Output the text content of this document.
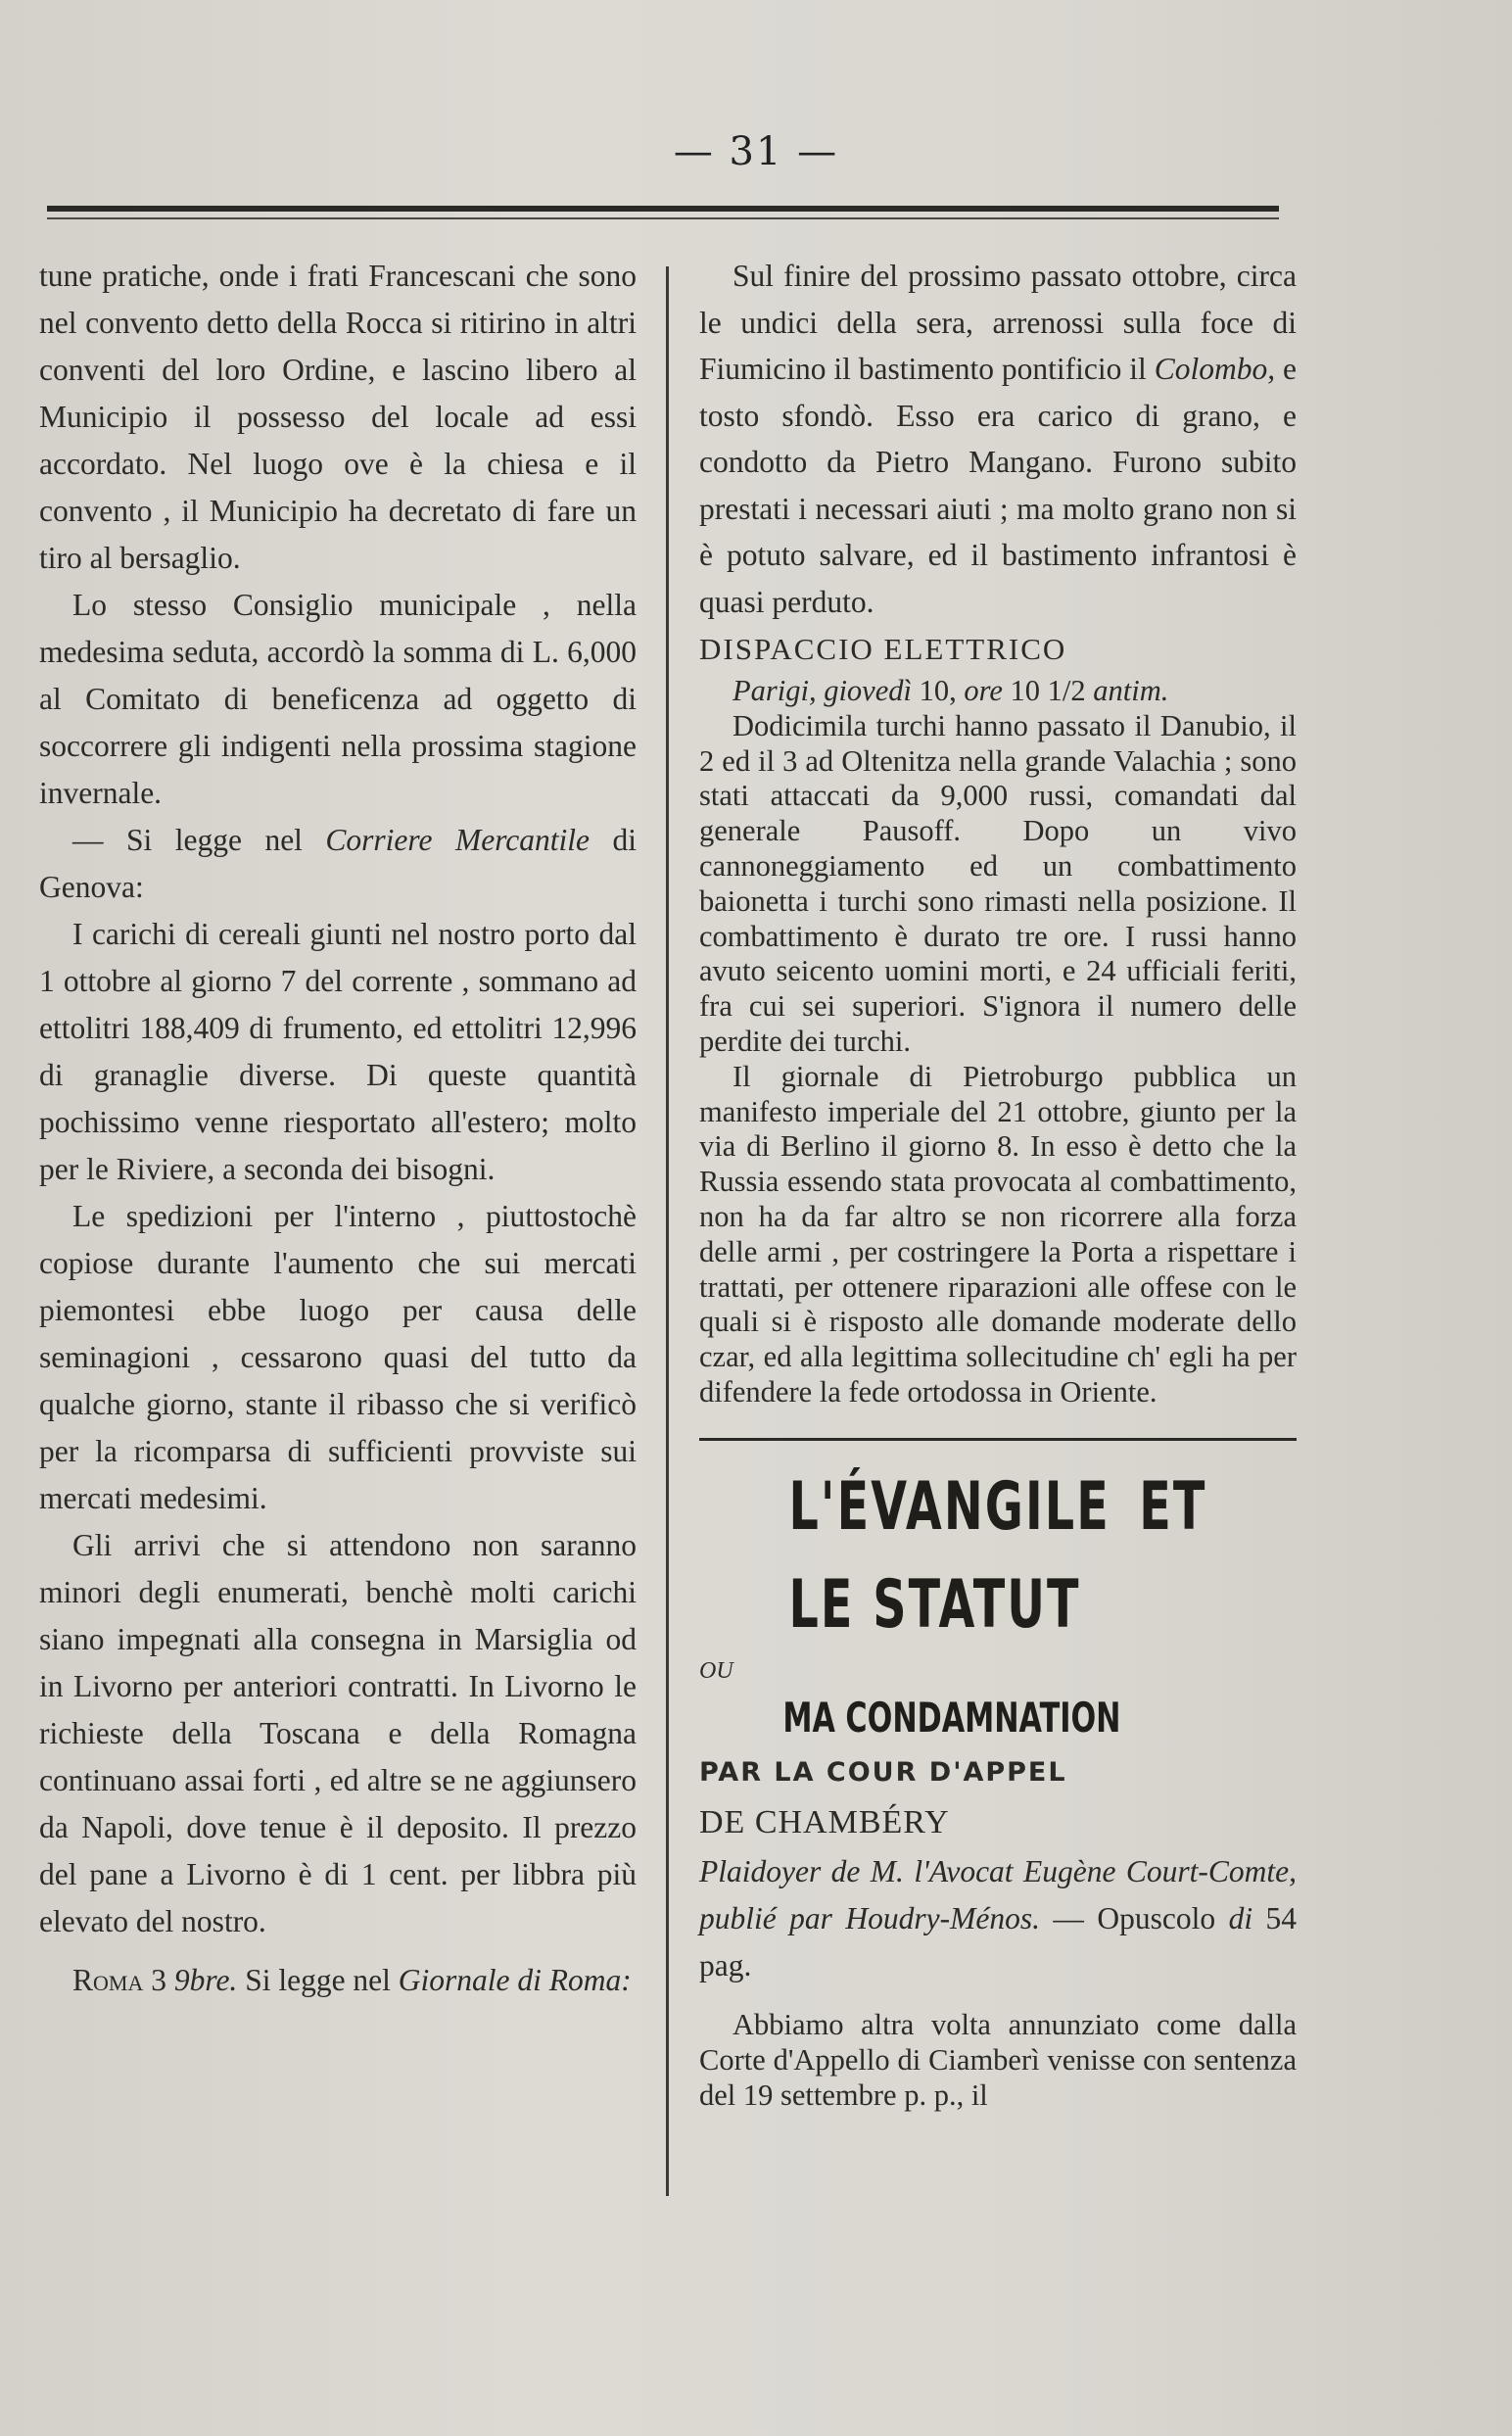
— 31 —

tune pratiche, onde i frati Francescani che sono nel convento detto della Rocca si ritirino in altri conventi del loro Ordine, e lascino libero al Municipio il possesso del locale ad essi accordato. Nel luogo ove è la chiesa e il convento , il Municipio ha decretato di fare un tiro al bersaglio.

Lo stesso Consiglio municipale , nella medesima seduta, accordò la somma di L. 6,000 al Comitato di beneficenza ad oggetto di soccorrere gli indigenti nella prossima stagione invernale.

— Si legge nel Corriere Mercantile di Genova:

I carichi di cereali giunti nel nostro porto dal 1 ottobre al giorno 7 del corrente , sommano ad ettolitri 188,409 di frumento, ed ettolitri 12,996 di granaglie diverse. Di queste quantità pochissimo venne riesportato all'estero; molto per le Riviere, a seconda dei bisogni.

Le spedizioni per l'interno , piuttostochè copiose durante l'aumento che sui mercati piemontesi ebbe luogo per causa delle seminagioni , cessarono quasi del tutto da qualche giorno, stante il ribasso che si verificò per la ricomparsa di sufficienti provviste sui mercati medesimi.

Gli arrivi che si attendono non saranno minori degli enumerati, benchè molti carichi siano impegnati alla consegna in Marsiglia od in Livorno per anteriori contratti. In Livorno le richieste della Toscana e della Romagna continuano assai forti , ed altre se ne aggiunsero da Napoli, dove tenue è il deposito. Il prezzo del pane a Livorno è di 1 cent. per libbra più elevato del nostro.

Roma 3 9bre. Si legge nel Giornale di Roma:

Sul finire del prossimo passato ottobre, circa le undici della sera, arrenossi sulla foce di Fiumicino il bastimento pontificio il Colombo, e tosto sfondò. Esso era carico di grano, e condotto da Pietro Mangano. Furono subito prestati i necessari aiuti ; ma molto grano non si è potuto salvare, ed il bastimento infrantosi è quasi perduto.

DISPACCIO ELETTRICO

Parigi, giovedì 10, ore 10 1/2 antim.

Dodicimila turchi hanno passato il Danubio, il 2 ed il 3 ad Oltenitza nella grande Valachia ; sono stati attaccati da 9,000 russi, comandati dal generale Pausoff. Dopo un vivo cannoneggiamento ed un combattimento baionetta i turchi sono rimasti nella posizione. Il combattimento è durato tre ore. I russi hanno avuto seicento uomini morti, e 24 ufficiali feriti, fra cui sei superiori. S'ignora il numero delle perdite dei turchi.

Il giornale di Pietroburgo pubblica un manifesto imperiale del 21 ottobre, giunto per la via di Berlino il giorno 8. In esso è detto che la Russia essendo stata provocata al combattimento, non ha da far altro se non ricorrere alla forza delle armi , per costringere la Porta a rispettare i trattati, per ottenere riparazioni alle offese con le quali si è risposto alle domande moderate dello czar, ed alla legittima sollecitudine ch' egli ha per difendere la fede ortodossa in Oriente.

L'ÉVANGILE ET LE STATUT

OU

MA CONDAMNATION

PAR LA COUR D'APPEL

DE CHAMBÉRY

Plaidoyer de M. l'Avocat Eugène Court-Comte, publié par Houdry-Ménos. — Opuscolo di 54 pag.

Abbiamo altra volta annunziato come dalla Corte d'Appello di Ciamberì venisse con sentenza del 19 settembre p. p., il
